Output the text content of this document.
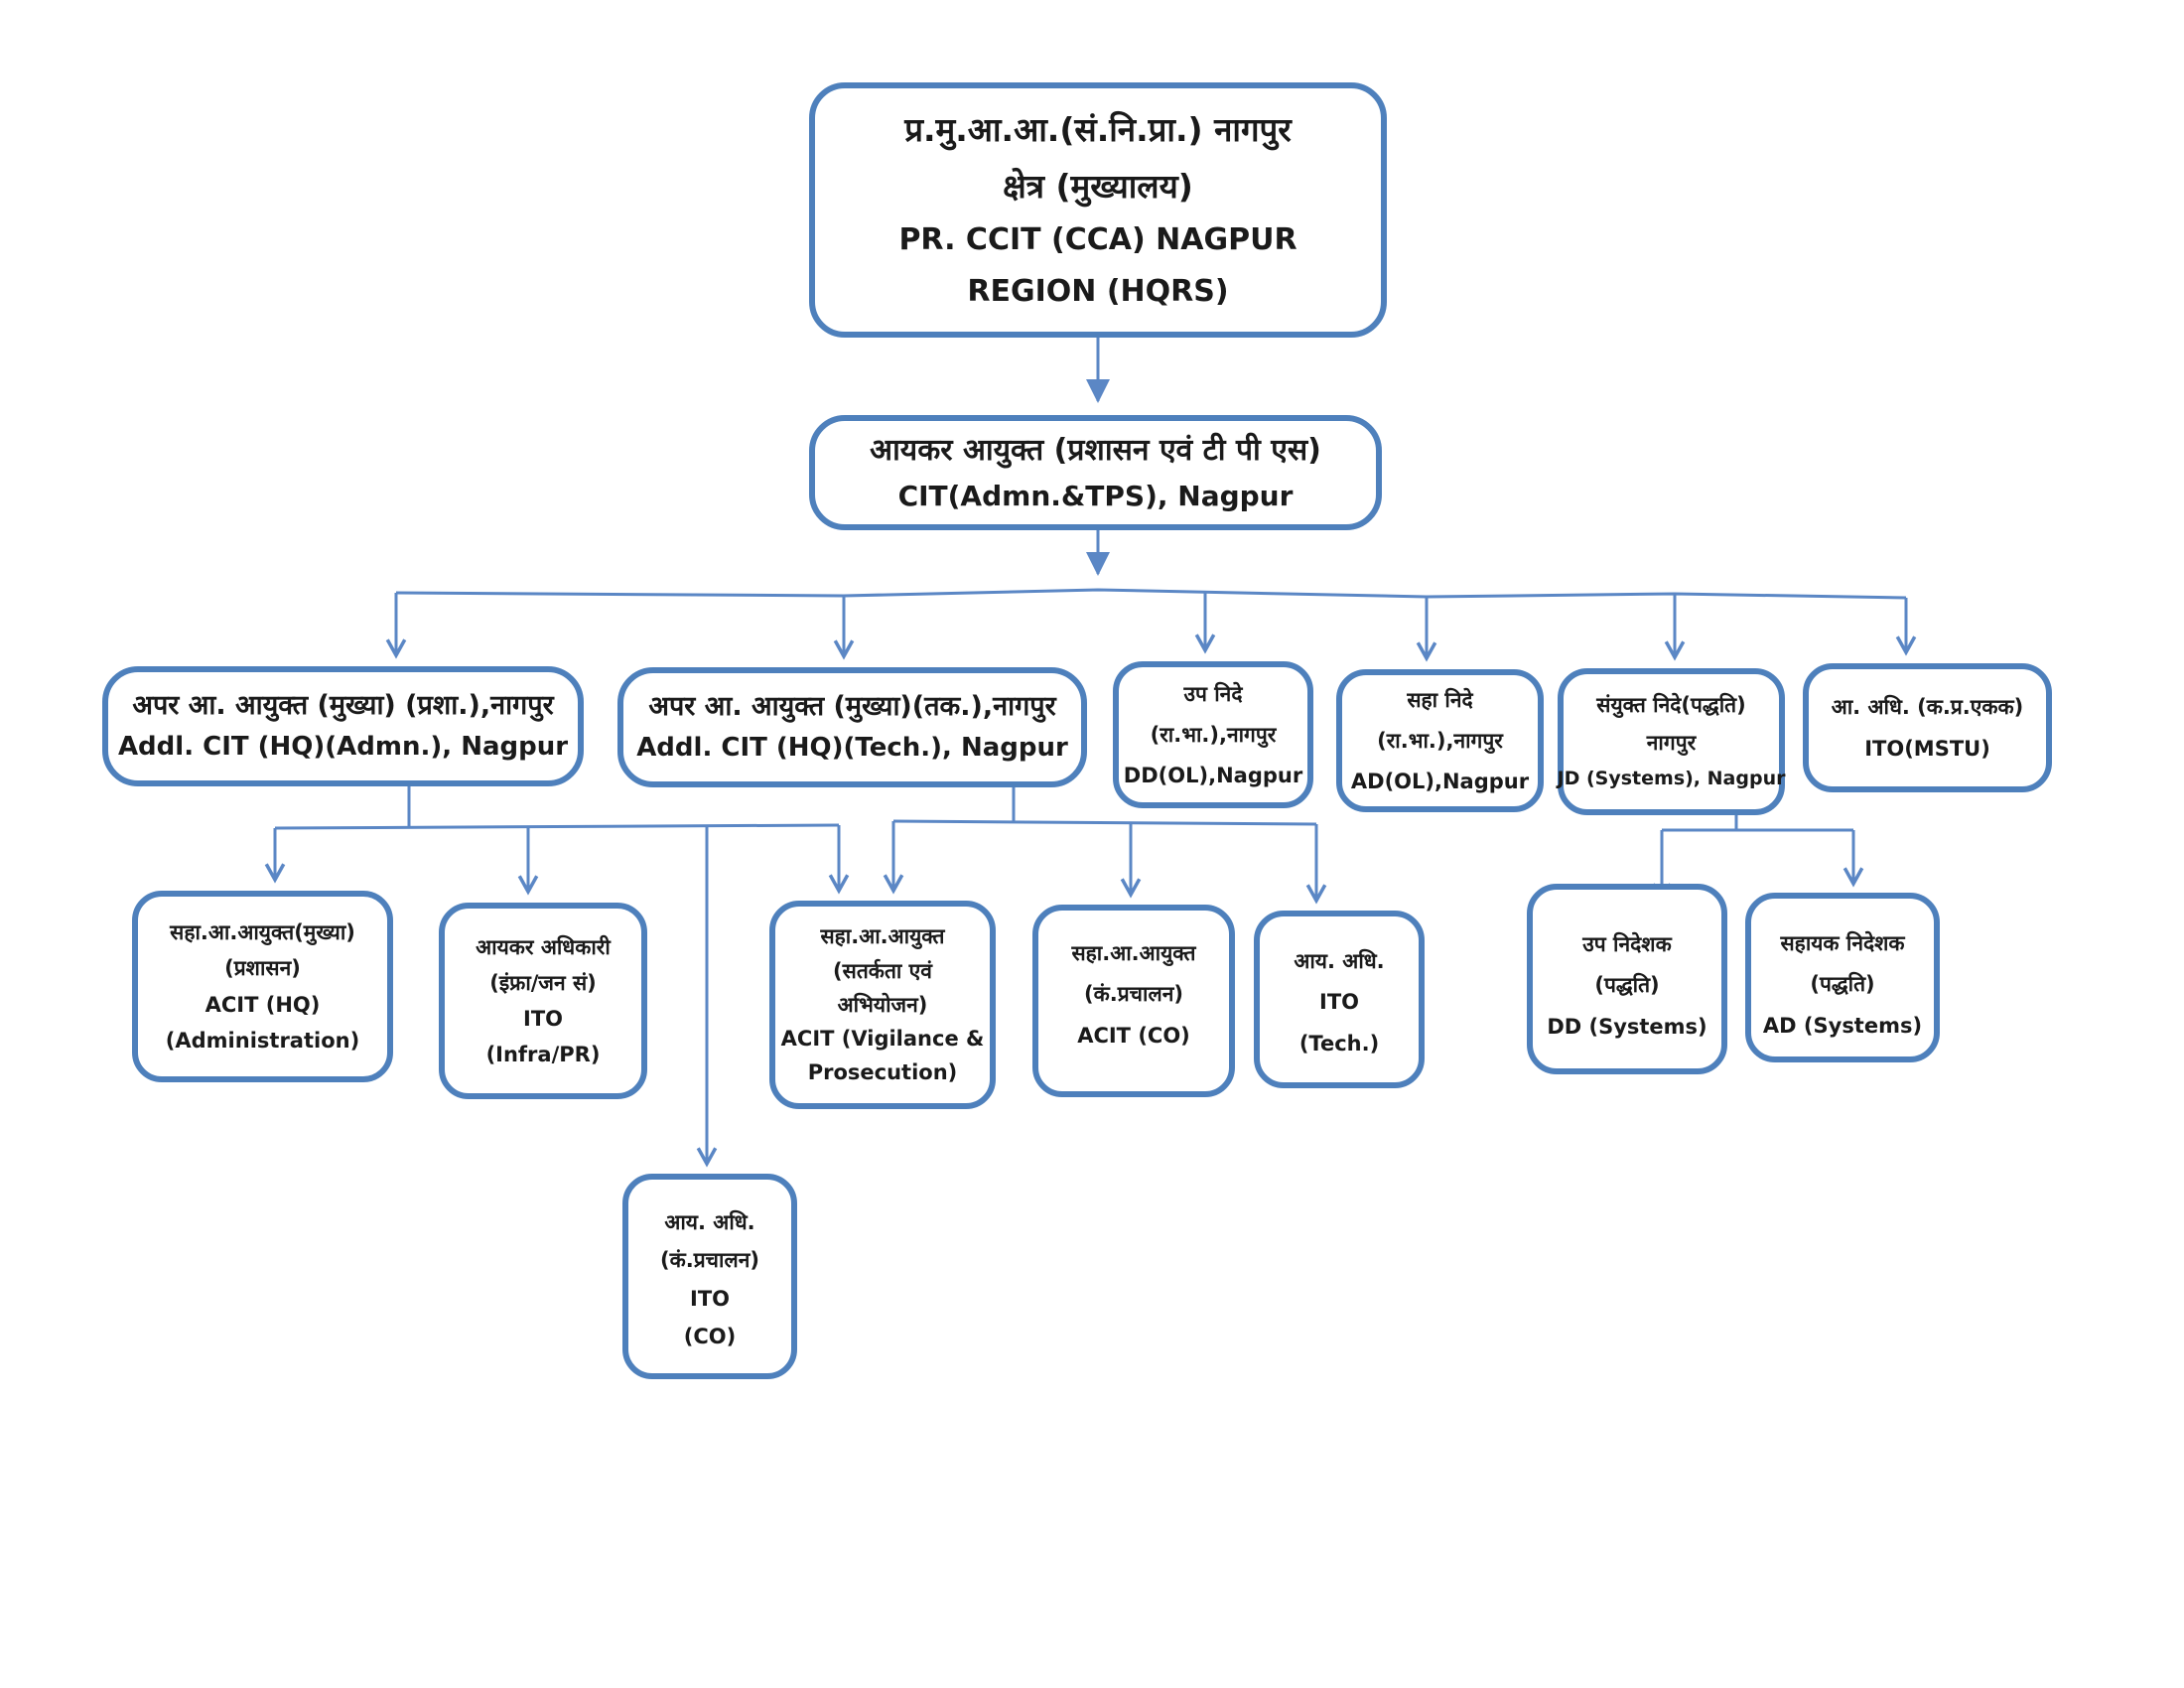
प्र.मु.आ.आ.(सं.नि.प्रा.) नागपुर
क्षेत्र (मुख्यालय)
PR. CCIT (CCA) NAGPUR
REGION (HQRS)
आयकर आयुक्त (प्रशासन एवं टी पी एस)
CIT(Admn.&TPS), Nagpur
अपर आ. आयुक्त (मुख्या) (प्रशा.),नागपुर
Addl. CIT (HQ)(Admn.), Nagpur
अपर आ. आयुक्त (मुख्या)(तक.),नागपुर
Addl. CIT (HQ)(Tech.), Nagpur
उप निदे
(रा.भा.),नागपुर
DD(OL),Nagpur
सहा निदे
(रा.भा.),नागपुर
AD(OL),Nagpur
संयुक्त निदे(पद्धति)
नागपुर
JD (Systems), Nagpur
आ. अधि. (क.प्र.एकक)
ITO(MSTU)
सहा.आ.आयुक्त(मुख्या)
(प्रशासन)
ACIT (HQ)
(Administration)
आयकर अधिकारी
(इंफ्रा/जन सं)
ITO
(Infra/PR)
सहा.आ.आयुक्त
(सतर्कता एवं
अभियोजन)
ACIT (Vigilance &
Prosecution)
सहा.आ.आयुक्त
(कं.प्रचालन)
ACIT (CO)
आय. अधि.
ITO
(Tech.)
उप निदेशक
(पद्धति)
DD (Systems)
सहायक निदेशक
(पद्धति)
AD (Systems)
आय. अधि.
(कं.प्रचालन)
ITO
(CO)
